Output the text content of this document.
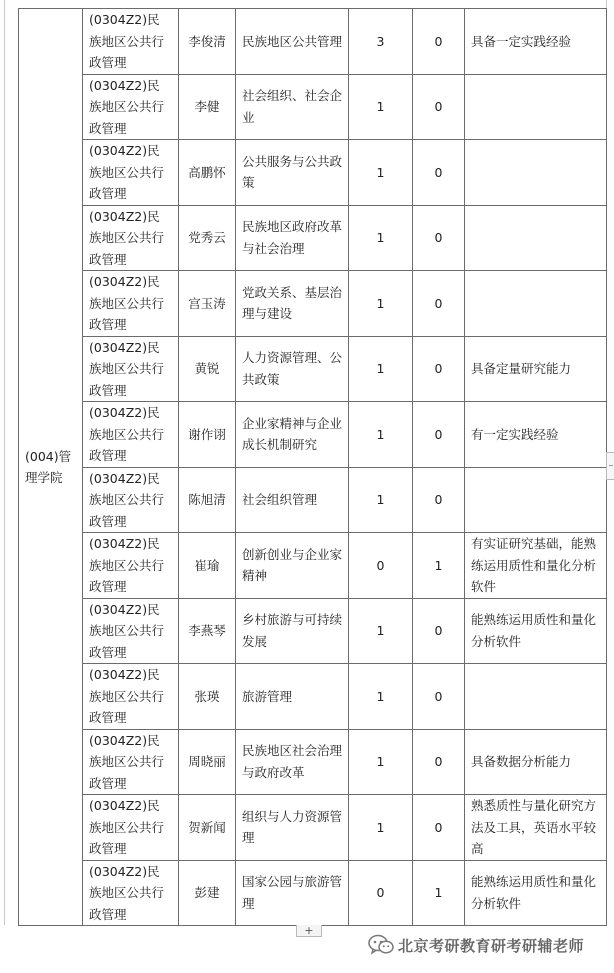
(004)管理学院	(0304Z2)民族地区公共行政管理	李俊清	民族地区公共管理	3	0	具备一定实践经验
	(0304Z2)民族地区公共行政管理	李健	社会组织、社会企业	1	0	
	(0304Z2)民族地区公共行政管理	高鹏怀	公共服务与公共政策	1	0	
	(0304Z2)民族地区公共行政管理	党秀云	民族地区政府改革与社会治理	1	0	
	(0304Z2)民族地区公共行政管理	宫玉涛	党政关系、基层治理与建设	1	0	
	(0304Z2)民族地区公共行政管理	黄锐	人力资源管理、公共政策	1	0	具备定量研究能力
	(0304Z2)民族地区公共行政管理	谢作诩	企业家精神与企业成长机制研究	1	0	有一定实践经验
	(0304Z2)民族地区公共行政管理	陈旭清	社会组织管理	1	0	
	(0304Z2)民族地区公共行政管理	崔瑜	创新创业与企业家精神	0	1	有实证研究基础，能熟练运用质性和量化分析软件
	(0304Z2)民族地区公共行政管理	李燕琴	乡村旅游与可持续发展	1	0	能熟练运用质性和量化分析软件
	(0304Z2)民族地区公共行政管理	张瑛	旅游管理	1	0	
	(0304Z2)民族地区公共行政管理	周晓丽	民族地区社会治理与政府改革	1	0	具备数据分析能力
	(0304Z2)民族地区公共行政管理	贺新闻	组织与人力资源管理	1	0	熟悉质性与量化研究方法及工具，英语水平较高
	(0304Z2)民族地区公共行政管理	彭建	国家公园与旅游管理	0	1	能熟练运用质性和量化分析软件
+
北京考研教育研考研辅老师
